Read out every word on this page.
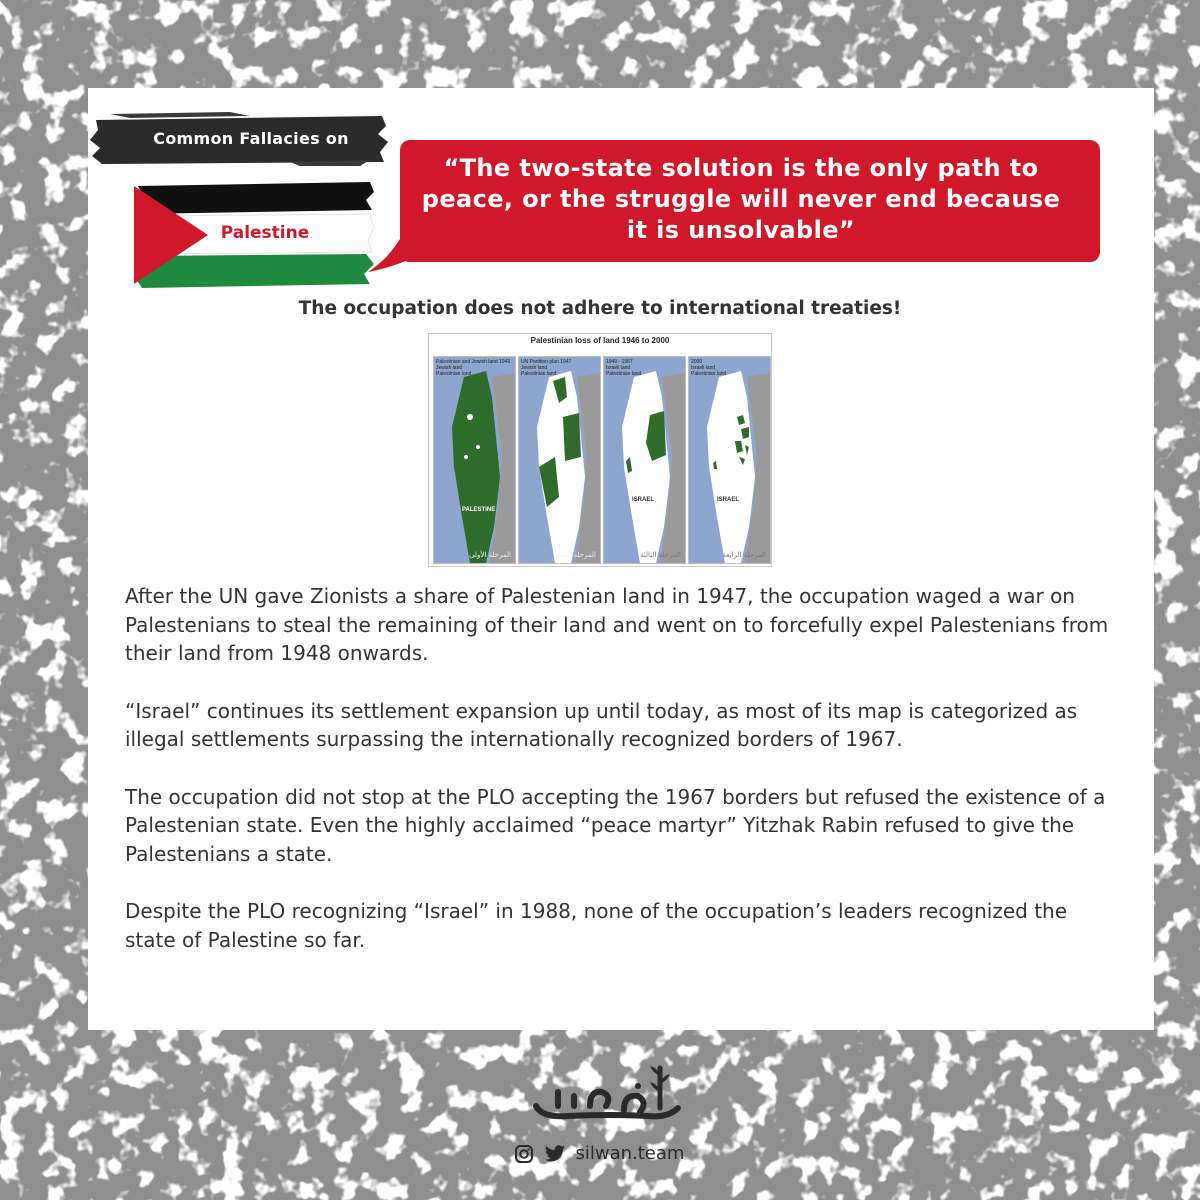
Common Fallacies on
Palestine
“The two-state solution is the only path to peace, or the struggle will never end because it is unsolvable”
The occupation does not adhere to international treaties!
Palestinian loss of land 1946 to 2000
Palestinian and Jewish land 1946
Jewish land
Palestinian land
PALESTINE
المرحلة الأولى
UN Partition plan 1947
Jewish land
Palestinian land
المرحلة الثانية
1949 - 1967
Israeli land
Palestinian land
ISRAEL
المرحلة الثالثة
2000
Israeli land
Palestinian land
ISRAEL
المرحلة الرابعة

After the UN gave Zionists a share of Palestenian land in 1947, the occupation waged a war on Palestenians to steal the remaining of their land and went on to forcefully expel Palestenians from their land from 1948 onwards.

“Israel” continues its settlement expansion up until today, as most of its map is categorized as illegal settlements surpassing the internationally recognized borders of 1967.

The occupation did not stop at the PLO accepting the 1967 borders but refused the existence of a Palestenian state. Even the highly acclaimed “peace martyr” Yitzhak Rabin refused to give the Palestenians a state.

Despite the PLO recognizing “Israel” in 1988, none of the occupation’s leaders recognized the state of Palestine so far.

silwan.team
